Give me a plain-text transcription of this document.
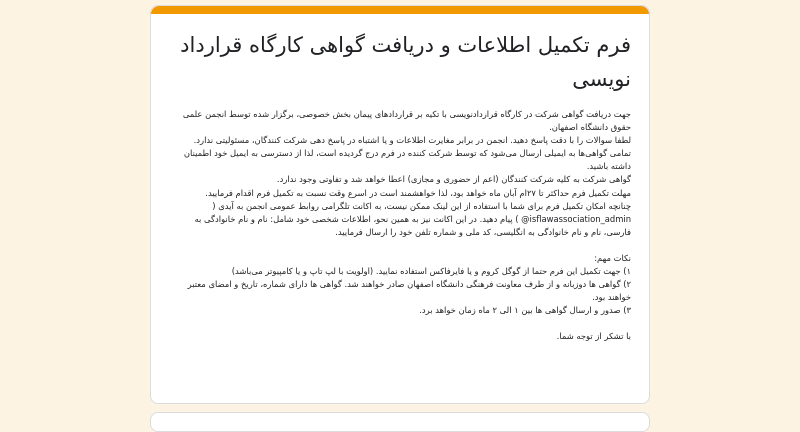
فرم تکمیل اطلاعات و دریافت گواهی کارگاه قرارداد نویسی

جهت دریافت گواهی شرکت در کارگاه قراردادنویسی با تکیه بر قراردادهای پیمان بخش خصوصی، برگزار شده توسط انجمن علمی حقوق دانشگاه اصفهان.

لطفا سوالات را با دقت پاسخ دهید. انجمن در برابر مغایرت اطلاعات و یا اشتباه در پاسخ دهی شرکت کنندگان، مسئولیتی ندارد.

تمامی گواهی‌ها به ایمیلی ارسال می‌شود که توسط شرکت کننده در فرم درج گردیده است، لذا از دسترسی به ایمیل خود اطمینان داشته باشید.

گواهی شرکت به کلیه شرکت کنندگان (اعم از حضوری و مجازی) اعطا خواهد شد و تفاوتی وجود ندارد.

مهلت تکمیل فرم حداکثر تا ۲۷ام آبان ماه خواهد بود، لذا خواهشمند است در اسرع وقت نسبت به تکمیل فرم اقدام فرمایید.

چنانچه امکان تکمیل فرم برای شما با استفاده از این لینک ممکن نیست، به اکانت تلگرامی روابط عمومی انجمن به آیدی ( isflawassociation_admin@ ) پیام دهید. در این اکانت نیز به همین نحو، اطلاعات شخصی خود شامل: نام و نام خانوادگی به فارسی، نام و نام خانوادگی به انگلیسی، کد ملی و شماره تلفن خود را ارسال فرمایید.

نکات مهم:

۱) جهت تکمیل این فرم حتما از گوگل کروم و یا فایرفاکس استفاده نمایید. (اولویت با لپ تاپ و یا کامپیوتر می‌باشد)

۲) گواهی ها دوزبانه و از طرف معاونت فرهنگی دانشگاه اصفهان صادر خواهند شد. گواهی ها دارای شماره، تاریخ و امضای معتبر خواهند بود.

۳) صدور و ارسال گواهی ها بین ۱ الی ۲ ماه زمان خواهد برد.

با تشکر از توجه شما.
